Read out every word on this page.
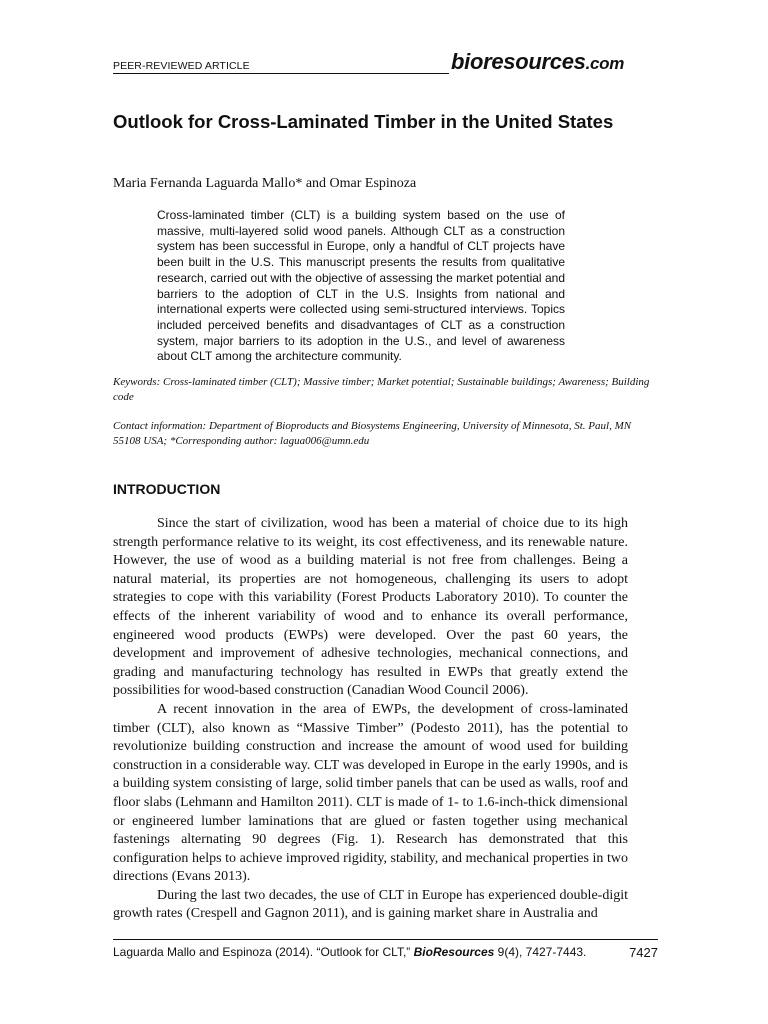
PEER-REVIEWED ARTICLE	bioresources.com
Outlook for Cross-Laminated Timber in the United States
Maria Fernanda Laguarda Mallo* and Omar Espinoza
Cross-laminated timber (CLT) is a building system based on the use of massive, multi-layered solid wood panels. Although CLT as a construction system has been successful in Europe, only a handful of CLT projects have been built in the U.S. This manuscript presents the results from qualitative research, carried out with the objective of assessing the market potential and barriers to the adoption of CLT in the U.S. Insights from national and international experts were collected using semi-structured interviews. Topics included perceived benefits and disadvantages of CLT as a construction system, major barriers to its adoption in the U.S., and level of awareness about CLT among the architecture community.
Keywords: Cross-laminated timber (CLT); Massive timber; Market potential; Sustainable buildings; Awareness; Building code
Contact information: Department of Bioproducts and Biosystems Engineering, University of Minnesota, St. Paul, MN 55108 USA; *Corresponding author: lagua006@umn.edu
INTRODUCTION

Since the start of civilization, wood has been a material of choice due to its high strength performance relative to its weight, its cost effectiveness, and its renewable nature. However, the use of wood as a building material is not free from challenges. Being a natural material, its properties are not homogeneous, challenging its users to adopt strategies to cope with this variability (Forest Products Laboratory 2010). To counter the effects of the inherent variability of wood and to enhance its overall performance, engineered wood products (EWPs) were developed. Over the past 60 years, the development and improvement of adhesive technologies, mechanical connections, and grading and manufacturing technology has resulted in EWPs that greatly extend the possibilities for wood-based construction (Canadian Wood Council 2006).

A recent innovation in the area of EWPs, the development of cross-laminated timber (CLT), also known as “Massive Timber” (Podesto 2011), has the potential to revolutionize building construction and increase the amount of wood used for building construction in a considerable way. CLT was developed in Europe in the early 1990s, and is a building system consisting of large, solid timber panels that can be used as walls, roof and floor slabs (Lehmann and Hamilton 2011). CLT is made of 1- to 1.6-inch-thick dimensional or engineered lumber laminations that are glued or fasten together using mechanical fastenings alternating 90 degrees (Fig. 1). Research has demonstrated that this configuration helps to achieve improved rigidity, stability, and mechanical properties in two directions (Evans 2013).

During the last two decades, the use of CLT in Europe has experienced double-digit growth rates (Crespell and Gagnon 2011), and is gaining market share in Australia and

Laguarda Mallo and Espinoza (2014). “Outlook for CLT,” BioResources 9(4), 7427-7443.	7427
